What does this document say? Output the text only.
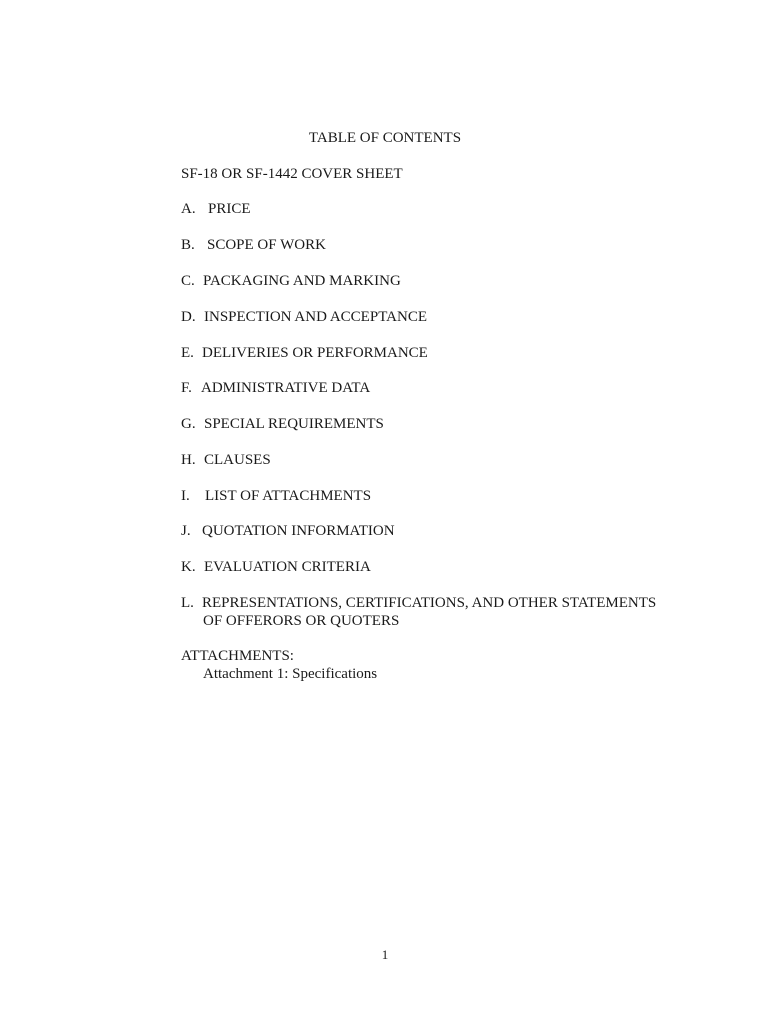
TABLE OF CONTENTS
SF-18 OR SF-1442 COVER SHEET
A. PRICE
B. SCOPE OF WORK
C. PACKAGING AND MARKING
D. INSPECTION AND ACCEPTANCE
E. DELIVERIES OR PERFORMANCE
F. ADMINISTRATIVE DATA
G. SPECIAL REQUIREMENTS
H. CLAUSES
I. LIST OF ATTACHMENTS
J. QUOTATION INFORMATION
K. EVALUATION CRITERIA
L. REPRESENTATIONS, CERTIFICATIONS, AND OTHER STATEMENTS
OF OFFERORS OR QUOTERS
ATTACHMENTS:
Attachment 1: Specifications
1
